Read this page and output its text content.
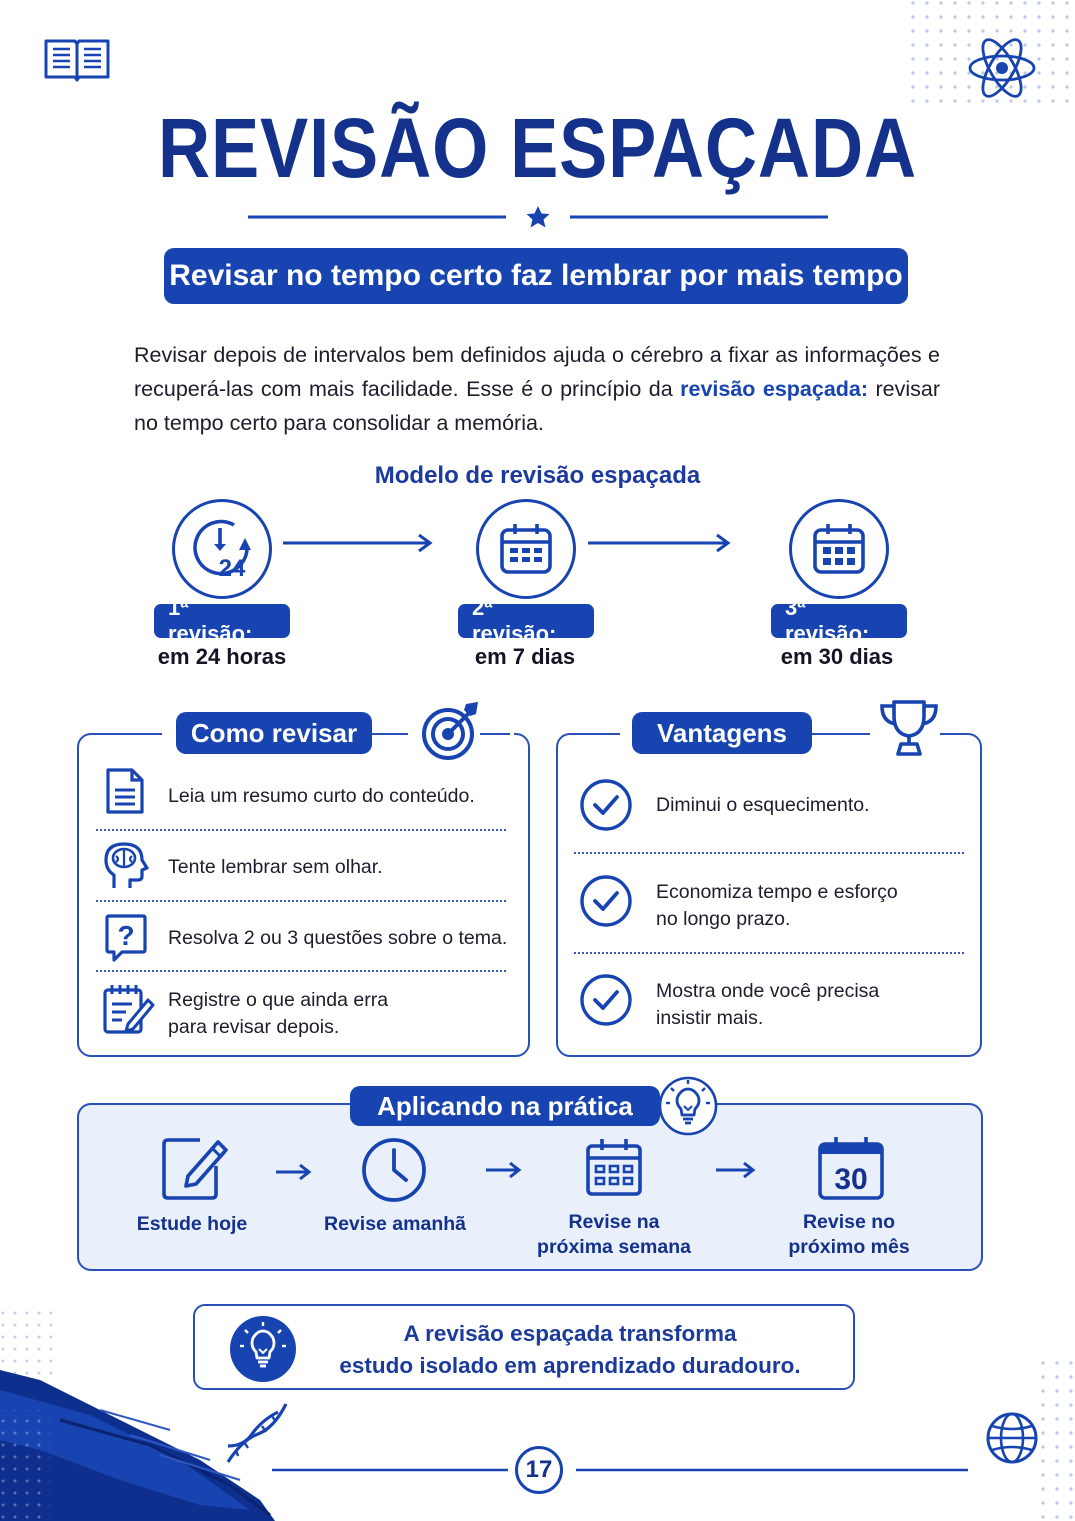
REVISÃO ESPAÇADA
Revisar no tempo certo faz lembrar por mais tempo

Revisar depois de intervalos bem definidos ajuda o cérebro a fixar as informações e recuperá-las com mais facilidade. Esse é o princípio da revisão espaçada: revisar no tempo certo para consolidar a memória.

Modelo de revisão espaçada
24
1ª revisão:
em 24 horas
2ª revisão:
em 7 dias
3ª revisão:
em 30 dias
Como revisar
Leia um resumo curto do conteúdo.
Tente lembrar sem olhar.
? Resolva 2 ou 3 questões sobre o tema.
Registre o que ainda erra
para revisar depois.
Vantagens
Diminui o esquecimento.
Economiza tempo e esforço
no longo prazo.
Mostra onde você precisa
insistir mais.
Aplicando na prática
Estude hoje	Revise amanhã	Revise na
próxima semana
30
Revise no
próximo mês
A revisão espaçada transforma
estudo isolado em aprendizado duradouro.
17
